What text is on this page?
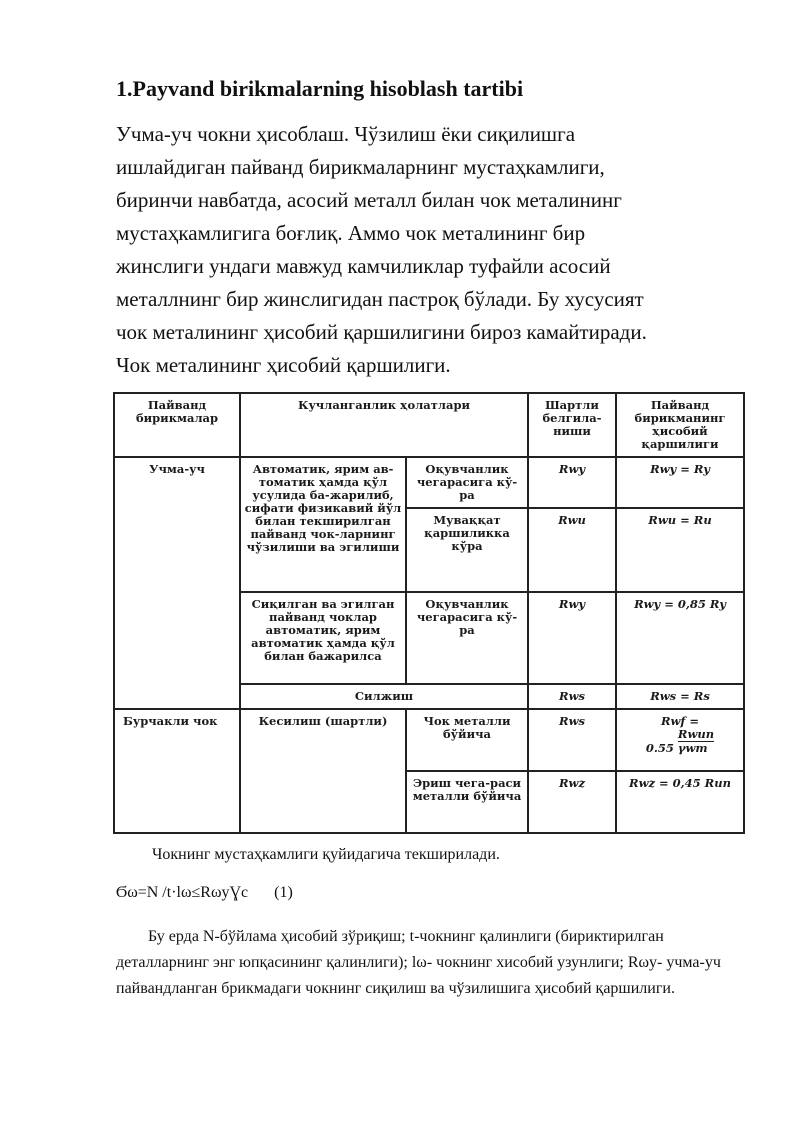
1.Payvand birikmalarning hisoblash tartibi

Учма-уч чокни ҳисоблаш. Чўзилиш ёки сиқилишга

ишлайдиган пайванд бирикмаларнинг мустаҳкамлиги,

биринчи навбатда, асосий металл билан чок металининг

мустаҳкамлигига боғлиқ. Аммо чок металининг бир

жинслиги ундаги мавжуд камчиликлар туфайли асосий

металлнинг бир жинслигидан пастроқ бўлади. Бу хусусият

чок металининг ҳисобий қаршилигини бироз камайтиради.

Чок металининг ҳисобий қаршилиги.

Пайванд бирикмалар	Кучланганлик ҳолатлари		Шартли белгила-ниши	Пайванд бирикманинг ҳисобий қаршилиги
Учма-уч	Автоматик, ярим ав-томатик ҳамда қўл усулида ба-жарилиб, сифати физикавий йўл билан текширилган пайванд чок-ларнинг чўзилиши ва эгилиши	Оқувчанлик чегарасига кў-ра	Rwy	Rwy = Ry
		Муваққат қаршиликка кўра	Rwu	Rwu = Ru
	Сиқилган ва эгилган пайванд чоклар автоматик, ярим автоматик ҳамда қўл билан бажарилса	Оқувчанлик чегарасига кў-ра	Rwy	Rwy = 0,85 Ry
	Силжиш		Rws	Rws = Rs
Бурчакли чок	Кесилиш (шартли)	Чок металли бўйича	Rws	Rwf =
$0.55 \frac{\text{Rwun}}{\text{γwm}}$

		Эриш чега-раси металли бўйича	Rwz	Rwz = 0,45 Run
Чокнинг мустаҳкамлиги қуйидагича текширилади.
Ϭω=N /t·lω≤RωyƔc (1)
Бу ерда N-бўйлама ҳисобий зўриқиш; t-чокнинг қалинлиги (бириктирилган деталларнинг энг юпқасининг қалинлиги); lω- чокнинг хисобий узунлиги; Rωy- учма-уч пайвандланган брикмадаги чокнинг сиқилиш ва чўзилишига ҳисобий қаршилиги.
